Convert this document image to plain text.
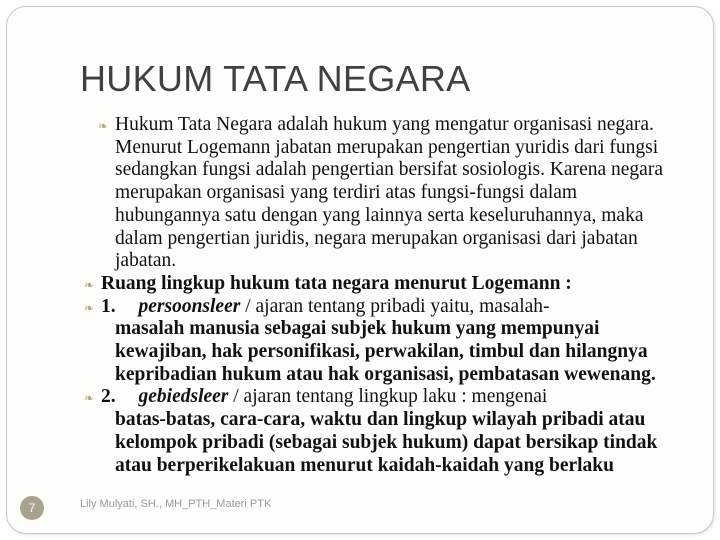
HUKUM TATA NEGARA
❧ Hukum Tata Negara adalah hukum yang mengatur organisasi negara. Menurut Logemann jabatan merupakan pengertian yuridis dari fungsi sedangkan fungsi adalah pengertian bersifat sosiologis. Karena negara merupakan organisasi yang terdiri atas fungsi-fungsi dalam hubungannya satu dengan yang lainnya serta keseluruhannya, maka dalam pengertian juridis, negara merupakan organisasi dari jabatan jabatan.
❧ Ruang lingkup hukum tata negara menurut Logemann :
❧ 1. persoonsleer / ajaran tentang pribadi yaitu, masalah-
masalah manusia sebagai subjek hukum yang mempunyai kewajiban, hak personifikasi, perwakilan, timbul dan hilangnya kepribadian hukum atau hak organisasi, pembatasan wewenang.
❧ 2. gebiedsleer / ajaran tentang lingkup laku : mengenai
batas-batas, cara-cara, waktu dan lingkup wilayah pribadi atau kelompok pribadi (sebagai subjek hukum) dapat bersikap tindak atau berperikelakuan menurut kaidah-kaidah yang berlaku
7	Lily Mulyati, SH., MH_PTH_Materi PTK
